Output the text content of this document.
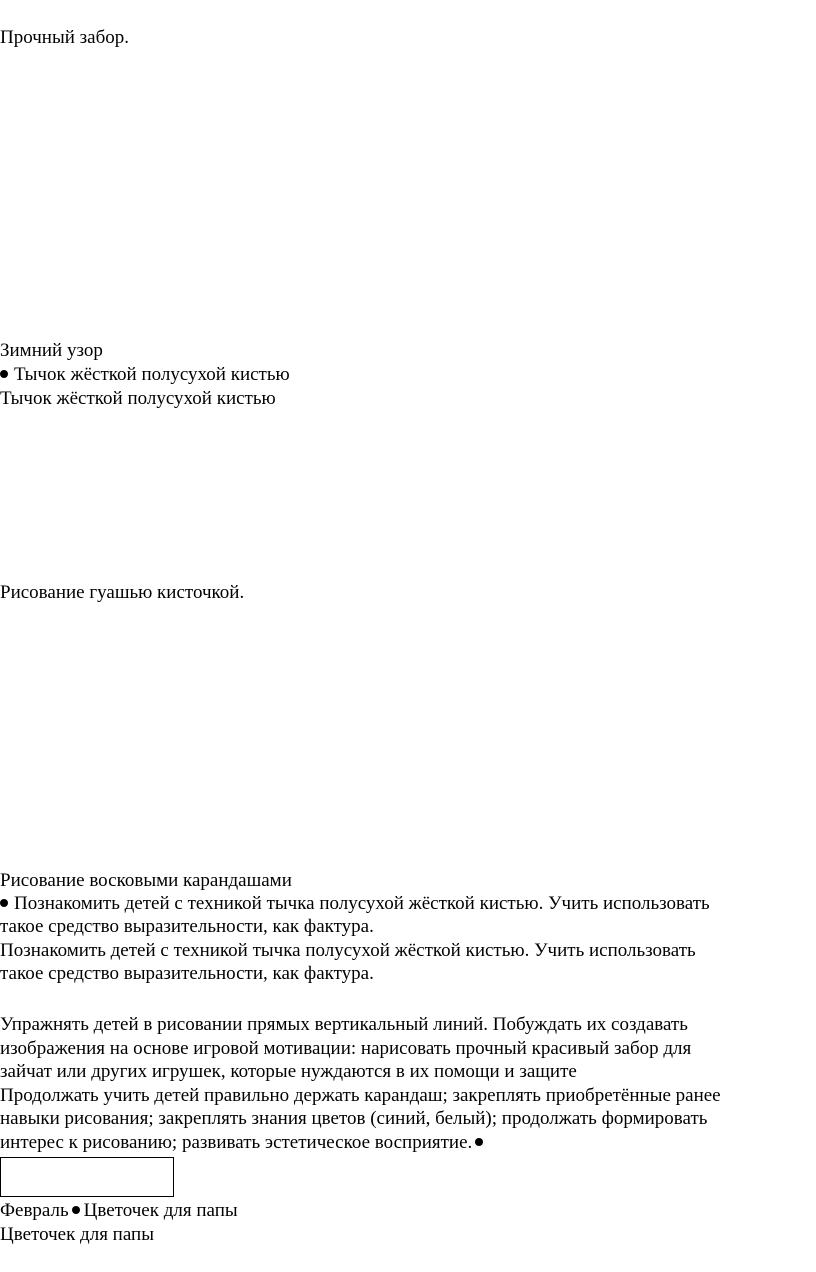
Прочный забор.
Зимний узор
Тычок жёсткой полусухой кистью
Тычок жёсткой полусухой кистью
Рисование гуашью кисточкой.
Рисование восковыми карандашами
Познакомить детей с техникой тычка полусухой жёсткой кистью. Учить использовать
такое средство выразительности, как фактура.
Познакомить детей с техникой тычка полусухой жёсткой кистью. Учить использовать
такое средство выразительности, как фактура.
Упражнять детей в рисовании прямых вертикальный линий. Побуждать их создавать
изображения на основе игровой мотивации: нарисовать прочный красивый забор для
зайчат или других игрушек, которые нуждаются в их помощи и защите
Продолжать учить детей правильно держать карандаш; закреплять приобретённые ранее
навыки рисования; закреплять знания цветов (синий, белый); продолжать формировать
интерес к рисованию; развивать эстетическое восприятие.
Февраль Цветочек для папы
Цветочек для папы
